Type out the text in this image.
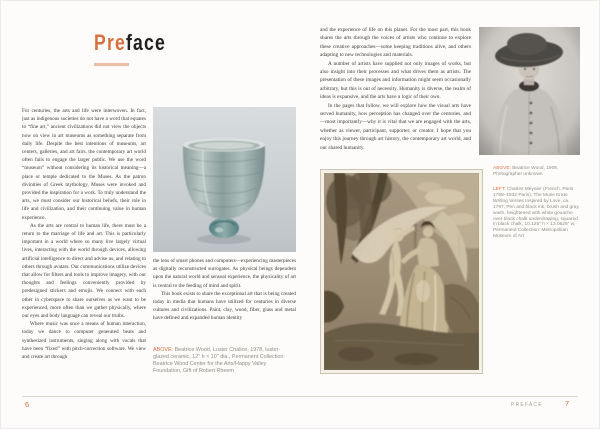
Preface

For centuries, the arts and life were interwoven. In fact, just as indigenous societies do not have a word that equates to “fine art,” ancient civilizations did not view the objects now on view in art museums as something separate from daily life. Despite the best intentions of museums, art centers, galleries, and art fairs, the contemporary art world often fails to engage the larger public. We use the word “museum” without considering its historical meaning—a place or temple dedicated to the Muses. As the patron divinities of Greek mythology, Muses were invoked and provided the inspiration for a work. To truly understand the arts, we must consider our historical beliefs, their role in life and civilization, and their continuing value in human experience.

As the arts are central to human life, there must be a return to the marriage of life and art. This is particularly important in a world where so many live largely virtual lives, interacting with the world through devices, allowing artificial intelligence to direct and advise us, and relating to others through avatars. Our communications utilize devices that allow for filters and tools to improve imagery, with our thoughts and feelings conveniently provided by predesigned stickers and emojis. We connect with each other in cyberspace to share ourselves as we want to be experienced, more often than we gather physically, where our eyes and body language can reveal our truths.

Where music was once a means of human interaction, today we dance to computer generated beats and synthesized instruments, singing along with vocals that have been “fixed” with pitch-correction software. We view and create art through

the lens of smart phones and computers—experiencing masterpieces as digitally reconstructed surrogates. As physical beings dependent upon the natural world and sensual experience, the physicality of art is central to the feeding of mind and spirit.

This book exists to share the exceptional art that is being created today in media that humans have utilized for centuries in diverse cultures and civilizations. Paint, clay, wood, fiber, glass and metal have defined and expanded human identity

ABOVE: Beatrice Wood, Luster Chalice, 1978, luster-glazed ceramic, 12" h × 10" dia., Permanent Collection: Beatrice Wood Center for the Arts/Happy Valley Foundation, Gift of Robert Rheem

and the experience of life on this planet. For the most part, this book shares the arts through the voices of artists who continue to explore these creative approaches—some keeping traditions alive, and others adapting to new technologies and materials.

A number of artists have supplied not only images of works, but also insight into their processes and what drives them as artists. The presentation of these images and information might seem occasionally arbitrary, but this is out of necessity. Humanity is diverse, the realm of ideas is expansive, and the arts have a logic of their own.

In the pages that follow, we will explore how the visual arts have served humanity, how perception has changed over the centuries, and—most importantly—why it is vital that we are engaged with the arts, whether as viewer, participant, supporter, or creator. I hope that you enjoy this journey through art history, the contemporary art world, and our shared humanity.

ABOVE: Beatrice Wood, 1908, Photographer unknown

LEFT: Charles Meynier (French, Paris 1768–1832 Paris), The Muse Erato Writing Verses Inspired by Love, ca. 1797, Pen and black ink, brush and gray wash, heightened with white gouache over black chalk underdrawing; squared in black chalk, 10.125" h × 13.0625" w, Permanent Collection: Metropolitan Museum of Art

6	PREFACE	7
